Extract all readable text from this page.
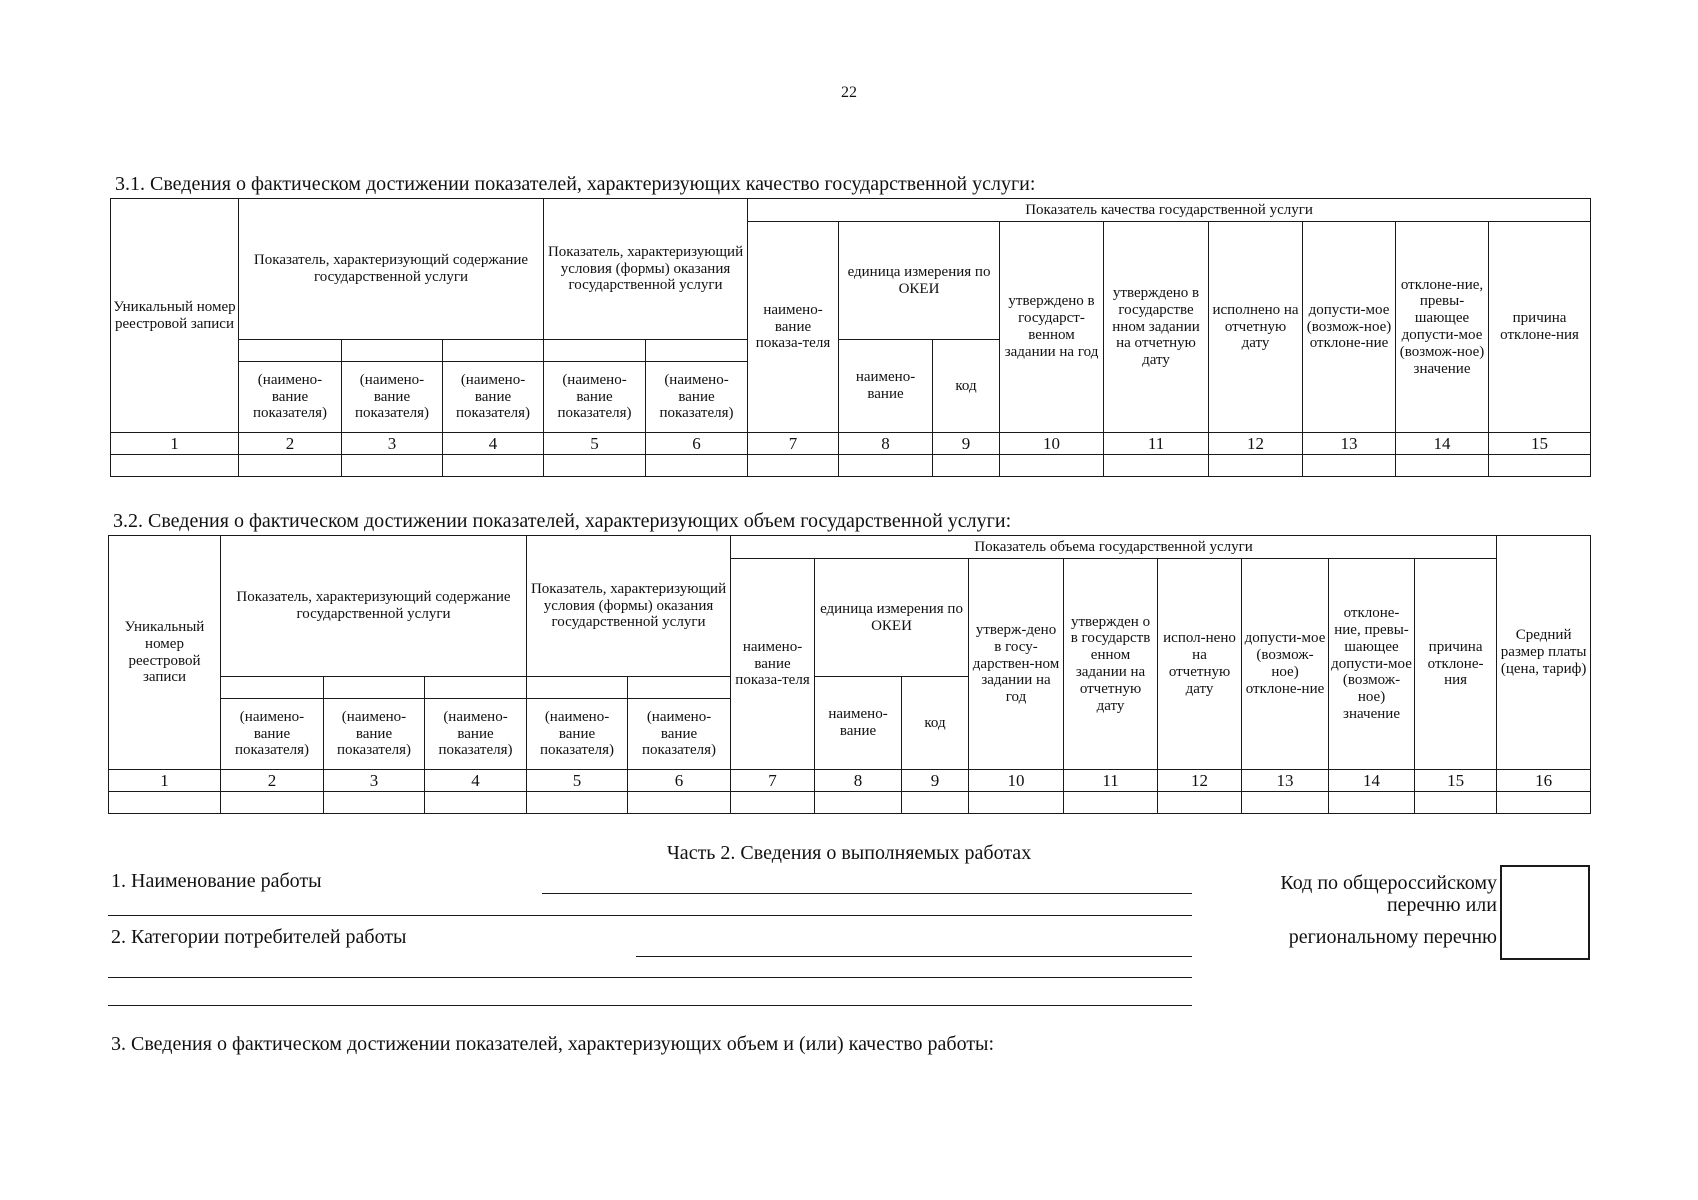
22
3.1. Сведения о фактическом достижении показателей, характеризующих качество государственной услуги:
Уникальный номер реестровой записи	Показатель, характеризующий содержание государственной услуги			Показатель, характеризующий условия (формы) оказания государственной услуги		Показатель качества государственной услуги								
						наимено-вание показа-теля	единица измерения по ОКЕИ		утверждено в государст-венном задании на год	утверждено в государстве нном задании на отчетную дату	исполнено на отчетную дату	допусти-мое (возмож-ное) отклоне-ние	отклоне-ние, превы-шающее допусти-мое (возмож-ное) значение	причина отклоне-ния
							наимено-вание	код						
	(наимено-вание показателя)	(наимено-вание показателя)	(наимено-вание показателя)	(наимено-вание показателя)	(наимено-вание показателя)									
1	2	3	4	5	6	7	8	9	10	11	12	13	14	15

3.2. Сведения о фактическом достижении показателей, характеризующих объем государственной услуги:
Уникальный номер реестровой записи	Показатель, характеризующий содержание государственной услуги			Показатель, характеризующий условия (формы) оказания государственной услуги		Показатель объема государственной услуги									Средний размер платы (цена, тариф)
						наимено-вание показа-теля	единица измерения по ОКЕИ		утверж-дено в госу-дарствен-ном задании на год	утвержден о в государств енном задании на отчетную дату	испол-нено на отчетную дату	допусти-мое (возмож-ное) отклоне-ние	отклоне-ние, превы-шающее допусти-мое (возмож-ное) значение	причина отклоне-ния	
							наимено-вание	код							
	(наимено-вание показателя)	(наимено-вание показателя)	(наимено-вание показателя)	(наимено-вание показателя)	(наимено-вание показателя)										
1	2	3	4	5	6	7	8	9	10	11	12	13	14	15	16

Часть 2. Сведения о выполняемых работах
1. Наименование работы
2. Категории потребителей работы
Код по общероссийскому
перечню или
региональному перечню
3. Сведения о фактическом достижении показателей, характеризующих объем и (или) качество работы:
